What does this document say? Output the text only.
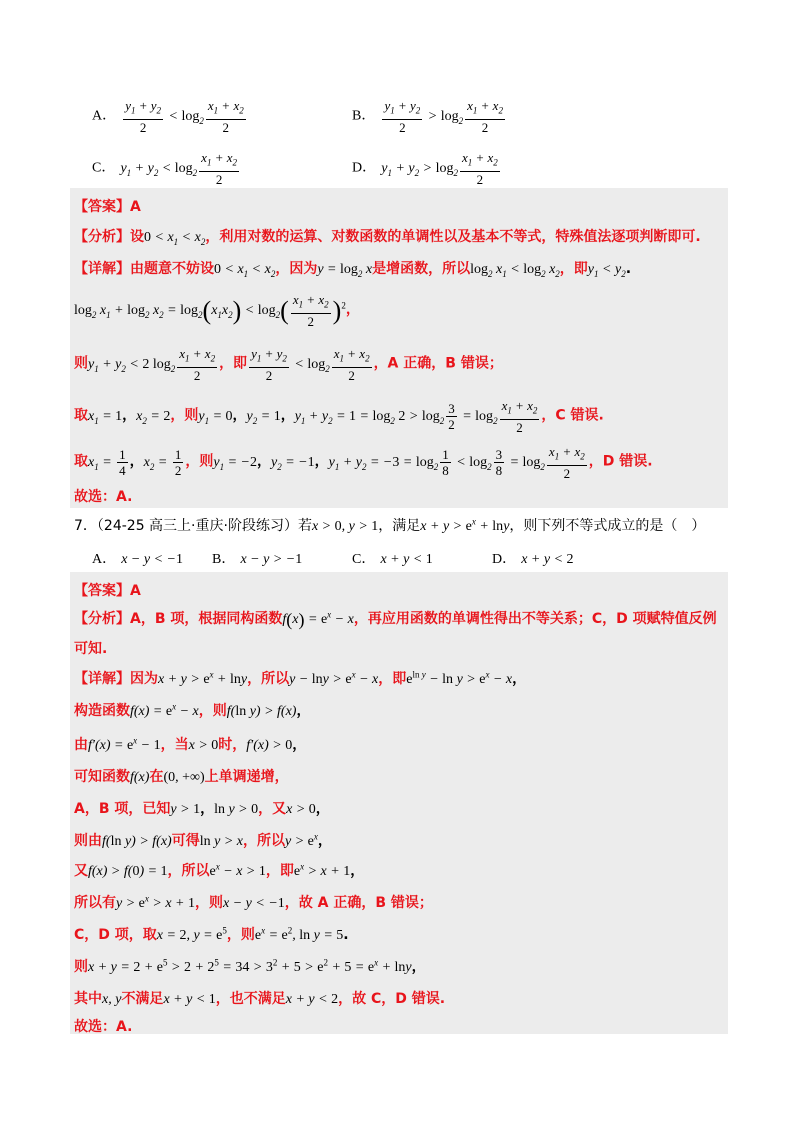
A． $\frac{y_1 + y_2}{2} < \log_2 \frac{x_1 + x_2}{2}$	B． $\frac{y_1 + y_2}{2} > \log_2 \frac{x_1 + x_2}{2}$
C． $y_1 + y_2 < \log_2 \frac{x_1 + x_2}{2}$	D． $y_1 + y_2 > \log_2 \frac{x_1 + x_2}{2}$
【答案】A
【分析】设$0 < x_1 < x_2$，利用对数的运算、对数函数的单调性以及基本不等式，特殊值法逐项判断即可.
【详解】由题意不妨设$0 < x_1 < x_2$，因为$y = \log_2 x$是增函数，所以$\log_2 x_1 < \log_2 x_2$，即$y_1 < y_2$.
$\log_2 x_1 + \log_2 x_2 = \log_2(x_1x_2) < \log_2( \frac{x_1 + x_2}{2} )^2$，
则$y_1 + y_2 < 2$ $\log_2 \frac{x_1 + x_2}{2}$ ，即 $\frac{y_1 + y_2}{2} < \log_2 \frac{x_1 + x_2}{2}$ ，A 正确，B 错误；
取$x_1 = 1$，$x_2 = 2$，则$y_1 = 0$，$y_2 = 1$，$y_1 + y_2 = 1 = \log_2 2 > \log_2 \frac{3}{2} = \log_2 \frac{x_1 + x_2}{2}$ ，C 错误.
取$x_1 = \frac{1}{4}$ ，$x_2 = \frac{1}{2}$ ，则$y_1 = -2$，$y_2 = -1$，$y_1 + y_2 = -3 = \log_2 \frac{1}{8} < \log_2 \frac{3}{8} = \log_2 \frac{x_1 + x_2}{2}$ ，D 错误.
故选：A.
7．（24-25 高三上·重庆·阶段练习）若x > 0, y > 1，满足$x + y > e^x + \ln y$，则下列不等式成立的是（　）
A． x − y < −1 B． x − y > −1	C． x + y < 1	D． x + y < 2
【答案】A
【分析】A，B 项，根据同构函数$f(x) = e^x - x$，再应用函数的单调性得出不等关系；C，D 项赋特值反例
可知.
【详解】因为$x + y > e^x + \ln y$，所以$y - \ln y > e^x - x$，即$e^{ln y} - \ln y > e^x - x$，
构造函数$f(x) = e^x - x$，则f(ln y) > f(x)，
由$f'(x) = e^x - 1$，当x > 0时，f′(x) > 0，
可知函数f(x)在(0, +∞)上单调递增，
A，B 项，已知y > 1，ln y > 0，又x > 0，
则由f(ln y) > f(x)可得ln y > x，所以$y > e^x$，
又f(x) > f(0) = 1，所以$e^x - x > 1$，即$e^x > x + 1$，
所以有$y > e^x > x + 1$，则x − y < −1，故 A 正确，B 错误；
C，D 项，取x = 2, $y = e^5$，则$e^x = e^2$, ln y = 5.
则$x + y = 2 + e^5 > 2 + 2^5 = 34 > 3^2 + 5 > e^2 + 5 = e^x + \ln y$，
其中x, y不满足x + y < 1，也不满足x + y < 2，故 C，D 错误.
故选：A.
